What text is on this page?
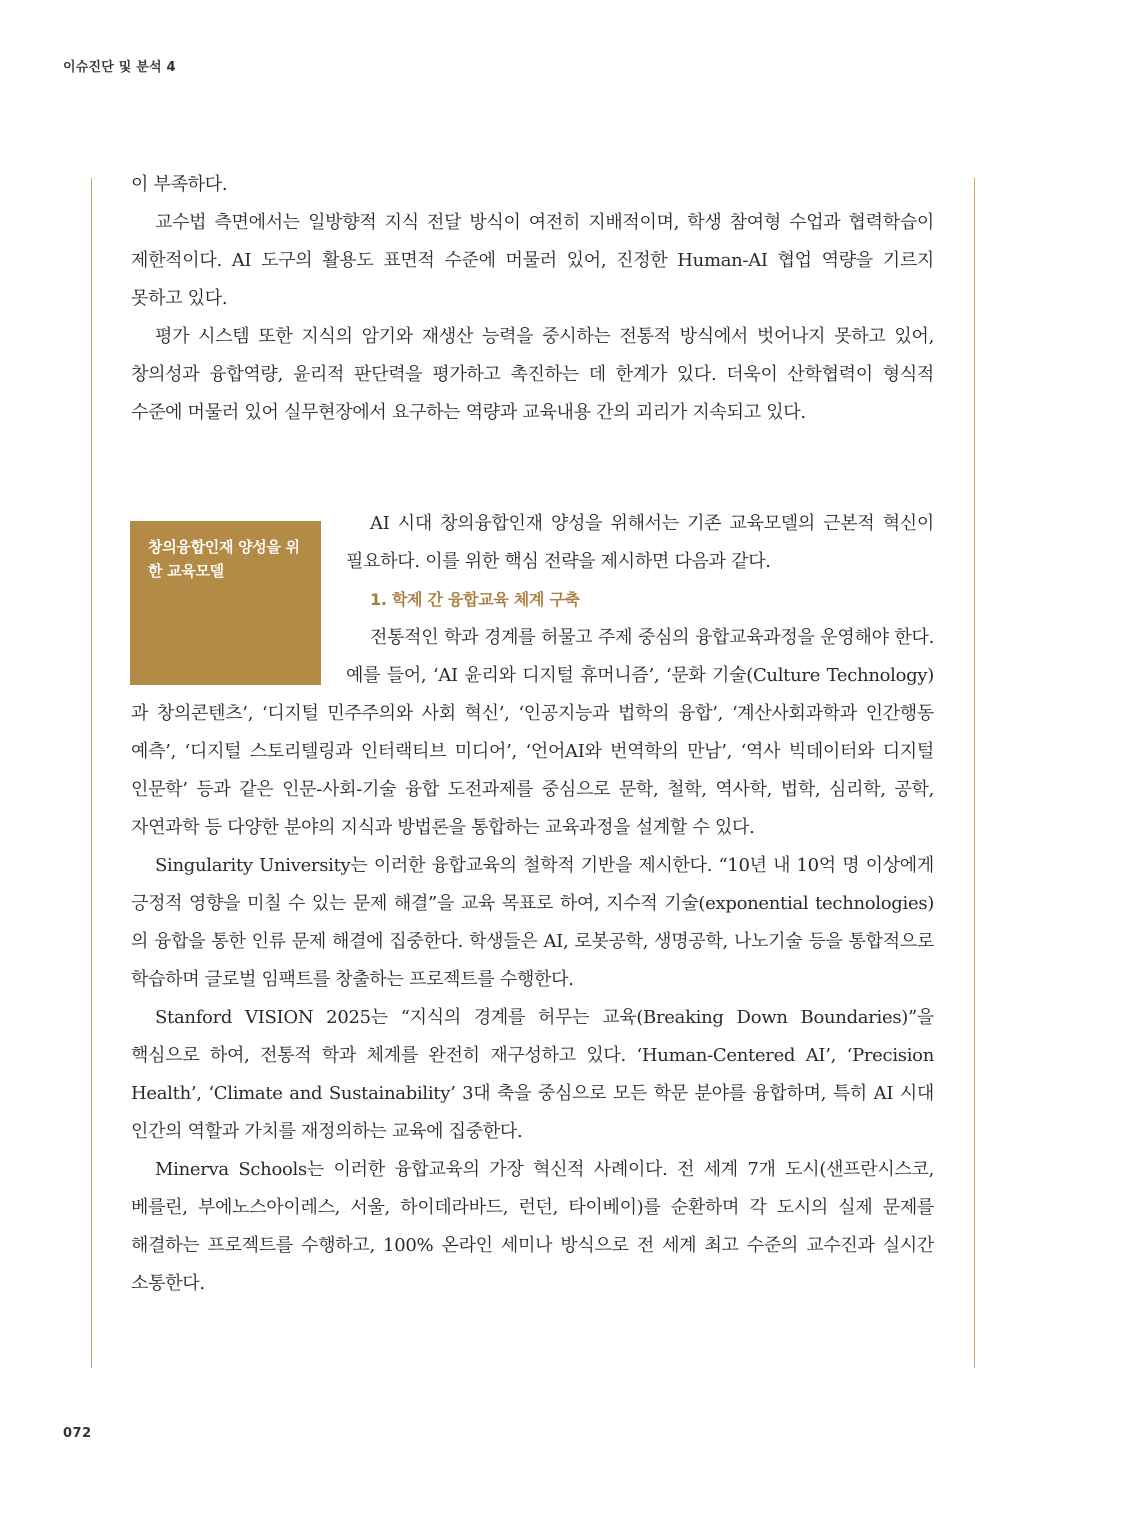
이슈진단 및 분석 4

이 부족하다.

교수법 측면에서는 일방향적 지식 전달 방식이 여전히 지배적이며, 학생 참여형 수업과 협력학습이 제한적이다. AI 도구의 활용도 표면적 수준에 머물러 있어, 진정한 Human-AI 협업 역량을 기르지 못하고 있다.

평가 시스템 또한 지식의 암기와 재생산 능력을 중시하는 전통적 방식에서 벗어나지 못하고 있어, 창의성과 융합역량, 윤리적 판단력을 평가하고 촉진하는 데 한계가 있다. 더욱이 산학협력이 형식적 수준에 머물러 있어 실무현장에서 요구하는 역량과 교육내용 간의 괴리가 지속되고 있다.

창의융합인재 양성을 위한 교육모델

AI 시대 창의융합인재 양성을 위해서는 기존 교육모델의 근본적 혁신이 필요하다. 이를 위한 핵심 전략을 제시하면 다음과 같다.

1. 학제 간 융합교육 체계 구축

전통적인 학과 경계를 허물고 주제 중심의 융합교육과정을 운영해야 한다. 예를 들어, ‘AI 윤리와 디지털 휴머니즘’, ‘문화 기술(Culture Technology)과 창의콘텐츠’, ‘디지털 민주주의와 사회 혁신’, ‘인공지능과 법학의 융합’, ‘계산사회과학과 인간행동 예측’, ‘디지털 스토리텔링과 인터랙티브 미디어’, ‘언어AI와 번역학의 만남’, ‘역사 빅데이터와 디지털 인문학’ 등과 같은 인문-사회-기술 융합 도전과제를 중심으로 문학, 철학, 역사학, 법학, 심리학, 공학, 자연과학 등 다양한 분야의 지식과 방법론을 통합하는 교육과정을 설계할 수 있다.

Singularity University는 이러한 융합교육의 철학적 기반을 제시한다. “10년 내 10억 명 이상에게 긍정적 영향을 미칠 수 있는 문제 해결”을 교육 목표로 하여, 지수적 기술(exponential technologies)의 융합을 통한 인류 문제 해결에 집중한다. 학생들은 AI, 로봇공학, 생명공학, 나노기술 등을 통합적으로 학습하며 글로벌 임팩트를 창출하는 프로젝트를 수행한다.

Stanford VISION 2025는 “지식의 경계를 허무는 교육(Breaking Down Boundaries)”을 핵심으로 하여, 전통적 학과 체계를 완전히 재구성하고 있다. ‘Human-Centered AI’, ‘Precision Health’, ‘Climate and Sustainability’ 3대 축을 중심으로 모든 학문 분야를 융합하며, 특히 AI 시대 인간의 역할과 가치를 재정의하는 교육에 집중한다.

Minerva Schools는 이러한 융합교육의 가장 혁신적 사례이다. 전 세계 7개 도시(샌프란시스코, 베를린, 부에노스아이레스, 서울, 하이데라바드, 런던, 타이베이)를 순환하며 각 도시의 실제 문제를 해결하는 프로젝트를 수행하고, 100% 온라인 세미나 방식으로 전 세계 최고 수준의 교수진과 실시간 소통한다.

072
